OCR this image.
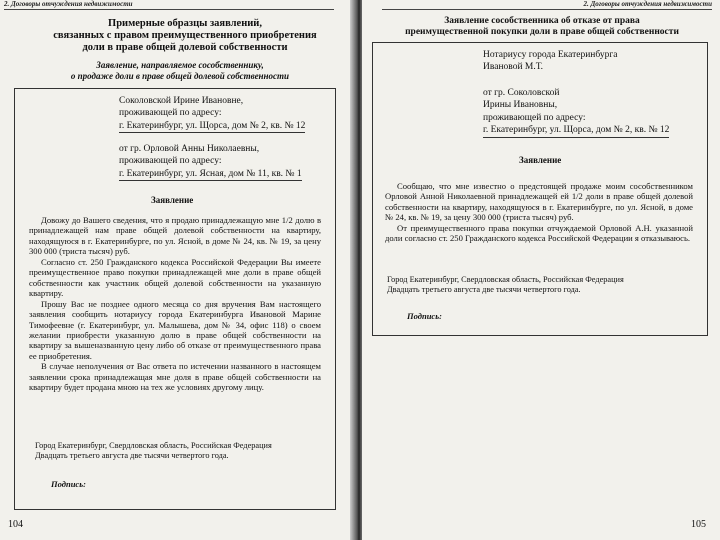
2. Договоры отчуждения недвижимости
Примерные образцы заявлений,
связанных с правом преимущественного приобретения
доли в праве общей долевой собственности
Заявление, направляемое сособственнику,
о продаже доли в праве общей долевой собственности
Соколовской Ирине Ивановне,
проживающей по адресу:
г. Екатеринбург, ул. Щорса, дом № 2, кв. № 12
от гр. Орловой Анны Николаевны,
проживающей по адресу:
г. Екатеринбург, ул. Ясная, дом № 11, кв. № 1
Заявление

Довожу до Вашего сведения, что я продаю принадлежащую мне 1/2 долю в принадлежащей нам праве общей долевой собственности на квартиру, находящуюся в г. Екатеринбурге, по ул. Ясной, в доме № 24, кв. № 19, за цену 300 000 (триста тысяч) руб.

Согласно ст. 250 Гражданского кодекса Российской Федерации Вы имеете преимущественное право покупки принадлежащей мне доли в праве общей собственности как участник общей долевой собственности на указанную квартиру.

Прошу Вас не позднее одного месяца со дня вручения Вам настоящего заявления сообщить нотариусу города Екатеринбурга Ивановой Марине Тимофеевне (г. Екатеринбург, ул. Малышева, дом № 34, офис 118) о своем желании приобрести указанную долю в праве общей собственности на квартиру за вышеназванную цену либо об отказе от преимущественного права ее приобретения.

В случае неполучения от Вас ответа по истечении названного в настоящем заявлении срока принадлежащая мне доля в праве общей собственности на квартиру будет продана мною на тех же условиях другому лицу.

Город Екатеринбург, Свердловская область, Российская Федерация
Двадцать третьего августа две тысячи четвертого года.
Подпись:
104
2. Договоры отчуждения недвижимости
Заявление сособственника об отказе от права
преимущественной покупки доли в праве общей собственности
Нотариусу города Екатеринбурга
Ивановой М.Т.
от гр. Соколовской
Ирины Ивановны,
проживающей по адресу:
г. Екатеринбург, ул. Щорса, дом № 2, кв. № 12
Заявление

Сообщаю, что мне известно о предстоящей продаже моим сособственником Орловой Анной Николаевной принадлежащей ей 1/2 доли в праве общей долевой собственности на квартиру, находящуюся в г. Екатеринбурге, по ул. Ясной, в доме № 24, кв. № 19, за цену 300 000 (триста тысяч) руб.

От преимущественного права покупки отчуждаемой Орловой А.Н. указанной доли согласно ст. 250 Гражданского кодекса Российской Федерации я отказываюсь.

Город Екатеринбург, Свердловская область, Российская Федерация
Двадцать третьего августа две тысячи четвертого года.
Подпись:
105
